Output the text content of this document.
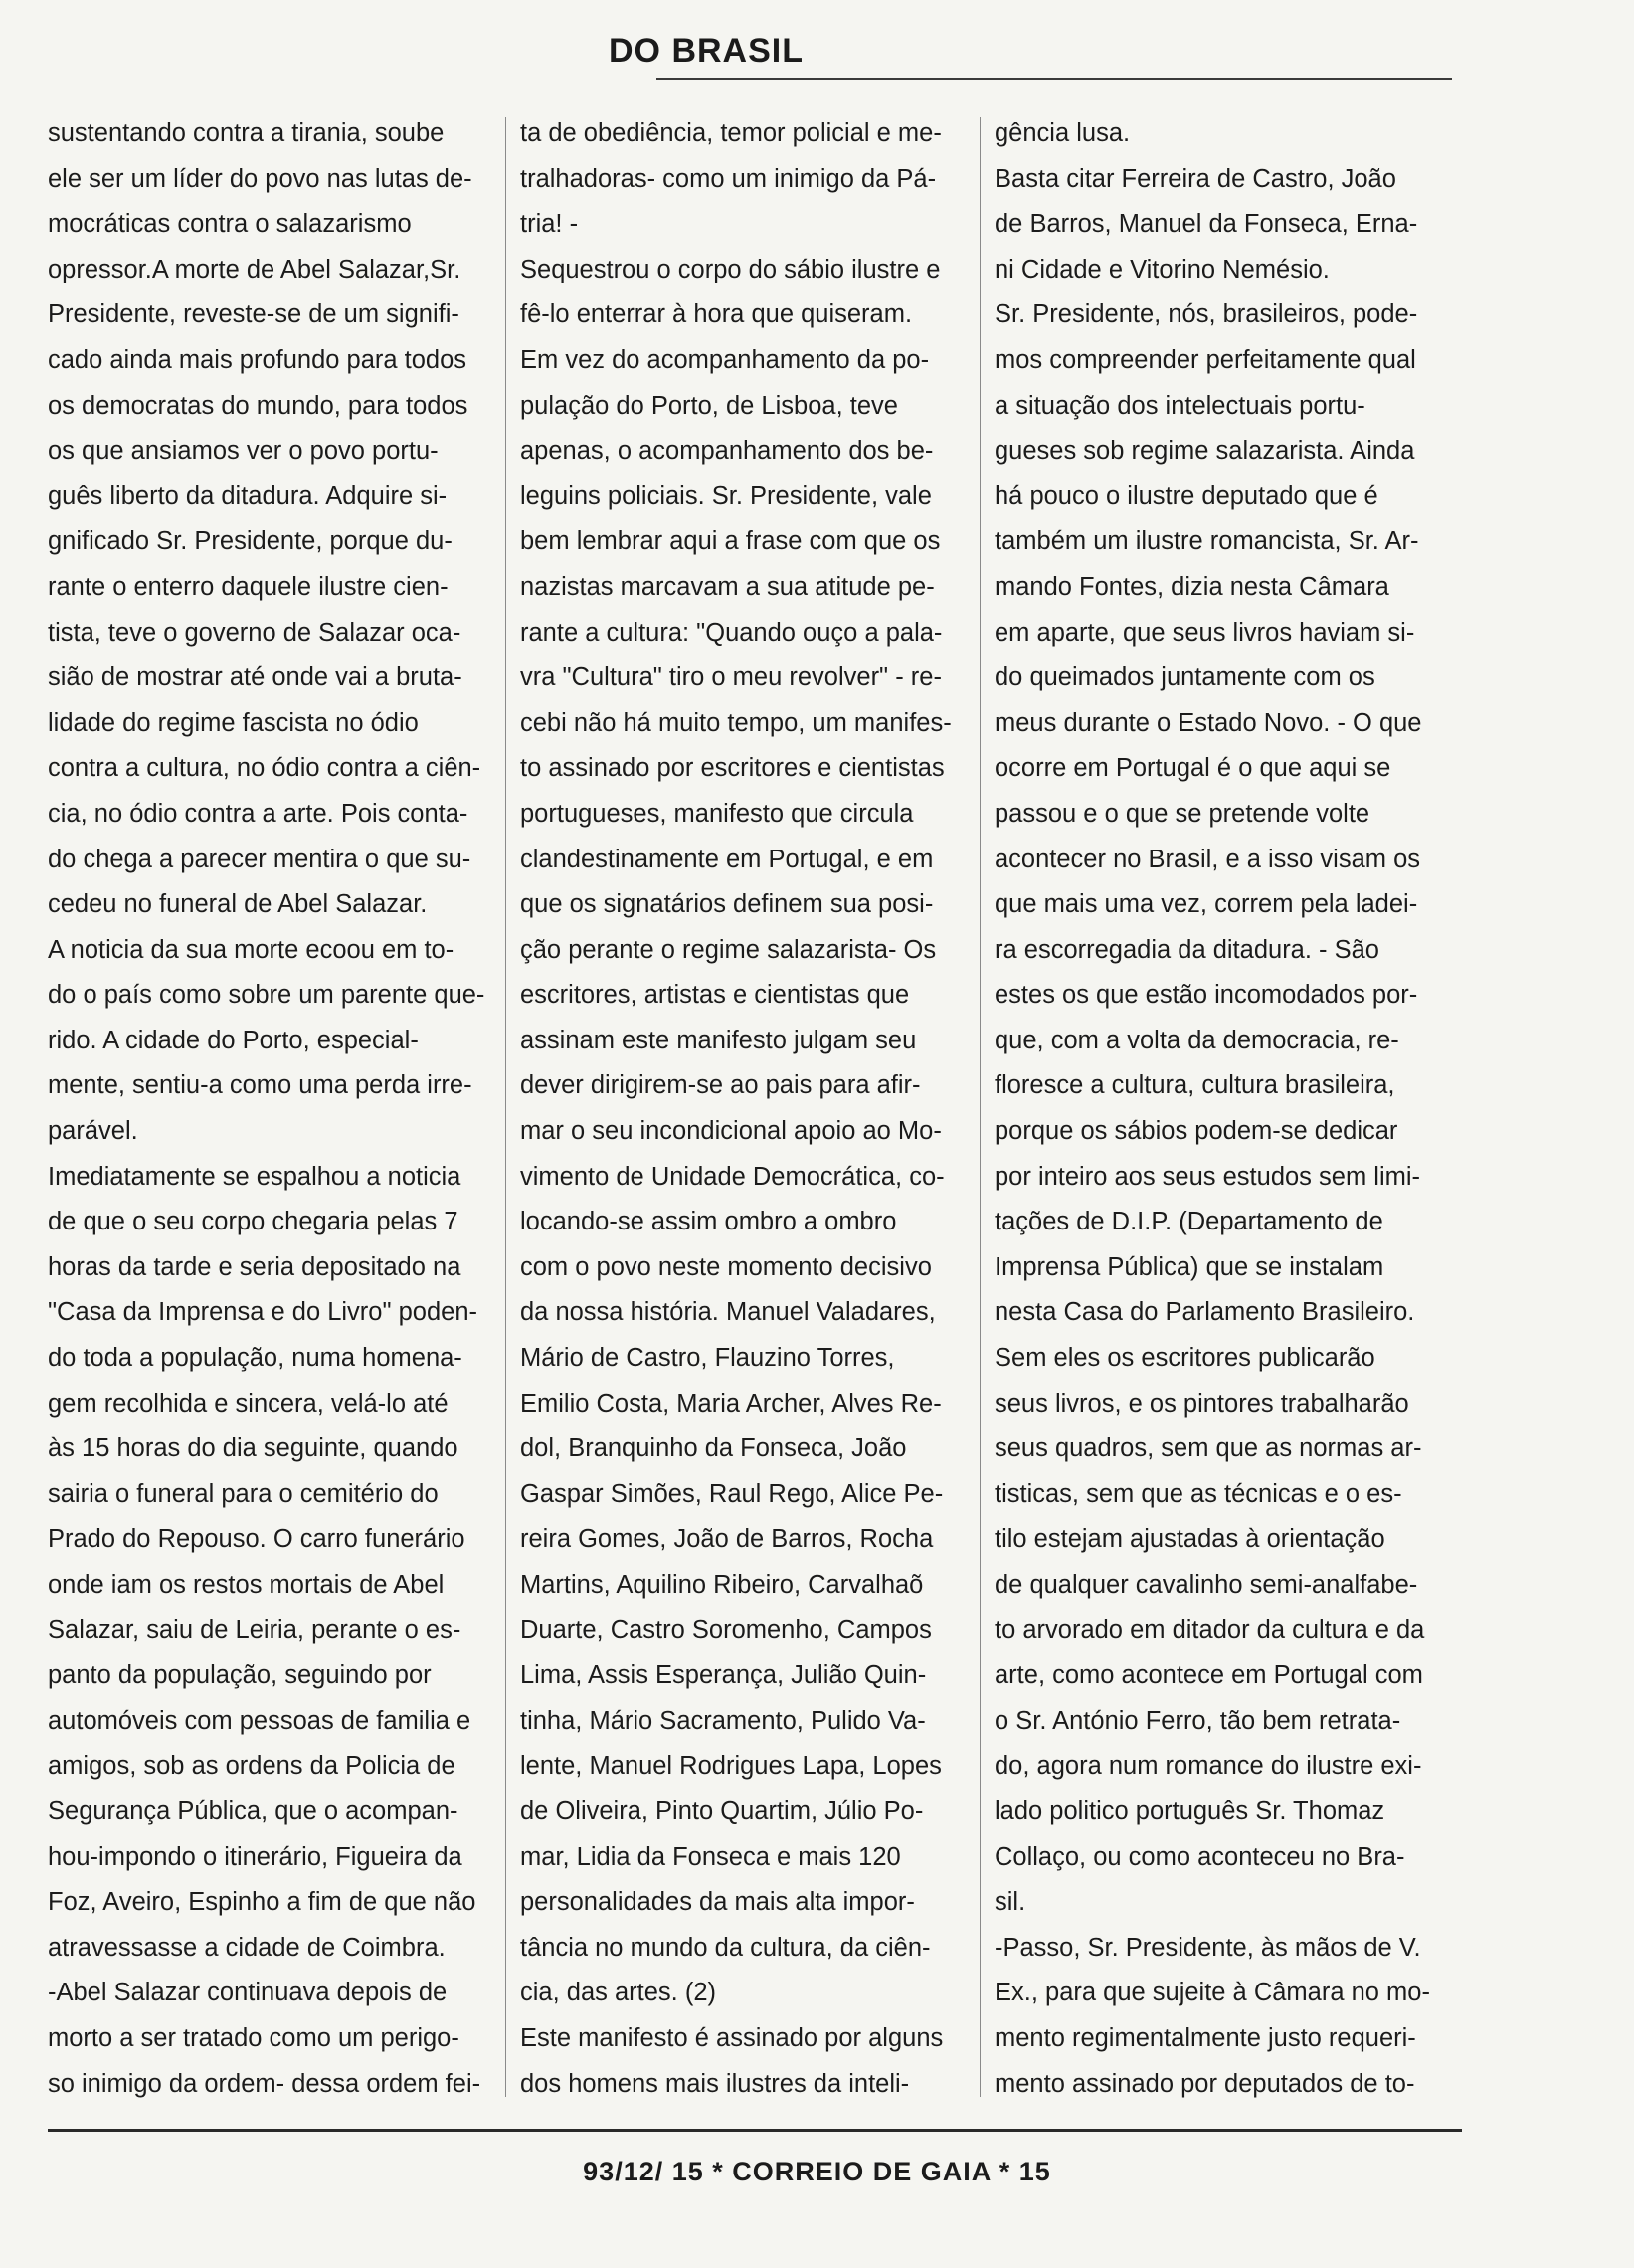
DO BRASIL

sustentando contra a tirania, soube
ele ser um líder do povo nas lutas de-
mocráticas contra o salazarismo
opressor.A morte de Abel Salazar,Sr.
Presidente, reveste-se de um signifi-
cado ainda mais profundo para todos
os democratas do mundo, para todos
os que ansiamos ver o povo portu-
guês liberto da ditadura. Adquire si-
gnificado Sr. Presidente, porque du-
rante o enterro daquele ilustre cien-
tista, teve o governo de Salazar oca-
sião de mostrar até onde vai a bruta-
lidade do regime fascista no ódio
contra a cultura, no ódio contra a ciên-
cia, no ódio contra a arte. Pois conta-
do chega a parecer mentira o que su-
cedeu no funeral de Abel Salazar.

A noticia da sua morte ecoou em to-
do o país como sobre um parente que-
rido. A cidade do Porto, especial-
mente, sentiu-a como uma perda irre-
parável.

Imediatamente se espalhou a noticia
de que o seu corpo chegaria pelas 7
horas da tarde e seria depositado na
"Casa da Imprensa e do Livro" poden-
do toda a população, numa homena-
gem recolhida e sincera, velá-lo até
às 15 horas do dia seguinte, quando
sairia o funeral para o cemitério do
Prado do Repouso. O carro funerário
onde iam os restos mortais de Abel
Salazar, saiu de Leiria, perante o es-
panto da população, seguindo por
automóveis com pessoas de familia e
amigos, sob as ordens da Policia de
Segurança Pública, que o acompan-
hou-impondo o itinerário, Figueira da
Foz, Aveiro, Espinho a fim de que não
atravessasse a cidade de Coimbra.

-Abel Salazar continuava depois de
morto a ser tratado como um perigo-
so inimigo da ordem- dessa ordem fei-

ta de obediência, temor policial e me-
tralhadoras- como um inimigo da Pá-
tria! -

Sequestrou o corpo do sábio ilustre e
fê-lo enterrar à hora que quiseram.
Em vez do acompanhamento da po-
pulação do Porto, de Lisboa, teve
apenas, o acompanhamento dos be-
leguins policiais. Sr. Presidente, vale
bem lembrar aqui a frase com que os
nazistas marcavam a sua atitude pe-
rante a cultura: "Quando ouço a pala-
vra "Cultura" tiro o meu revolver" - re-
cebi não há muito tempo, um manifes-
to assinado por escritores e cientistas
portugueses, manifesto que circula
clandestinamente em Portugal, e em
que os signatários definem sua posi-
ção perante o regime salazarista- Os
escritores, artistas e cientistas que
assinam este manifesto julgam seu
dever dirigirem-se ao pais para afir-
mar o seu incondicional apoio ao Mo-
vimento de Unidade Democrática, co-
locando-se assim ombro a ombro
com o povo neste momento decisivo
da nossa história. Manuel Valadares,
Mário de Castro, Flauzino Torres,
Emilio Costa, Maria Archer, Alves Re-
dol, Branquinho da Fonseca, João
Gaspar Simões, Raul Rego, Alice Pe-
reira Gomes, João de Barros, Rocha
Martins, Aquilino Ribeiro, Carvalhaõ
Duarte, Castro Soromenho, Campos
Lima, Assis Esperança, Julião Quin-
tinha, Mário Sacramento, Pulido Va-
lente, Manuel Rodrigues Lapa, Lopes
de Oliveira, Pinto Quartim, Júlio Po-
mar, Lidia da Fonseca e mais 120
personalidades da mais alta impor-
tância no mundo da cultura, da ciên-
cia, das artes. (2)

Este manifesto é assinado por alguns
dos homens mais ilustres da inteli-

gência lusa.

Basta citar Ferreira de Castro, João
de Barros, Manuel da Fonseca, Erna-
ni Cidade e Vitorino Nemésio.

Sr. Presidente, nós, brasileiros, pode-
mos compreender perfeitamente qual
a situação dos intelectuais portu-
gueses sob regime salazarista. Ainda
há pouco o ilustre deputado que é
também um ilustre romancista, Sr. Ar-
mando Fontes, dizia nesta Câmara
em aparte, que seus livros haviam si-
do queimados juntamente com os
meus durante o Estado Novo. - O que
ocorre em Portugal é o que aqui se
passou e o que se pretende volte
acontecer no Brasil, e a isso visam os
que mais uma vez, correm pela ladei-
ra escorregadia da ditadura. - São
estes os que estão incomodados por-
que, com a volta da democracia, re-
floresce a cultura, cultura brasileira,
porque os sábios podem-se dedicar
por inteiro aos seus estudos sem limi-
tações de D.I.P. (Departamento de
Imprensa Pública) que se instalam
nesta Casa do Parlamento Brasileiro.
Sem eles os escritores publicarão
seus livros, e os pintores trabalharão
seus quadros, sem que as normas ar-
tisticas, sem que as técnicas e o es-
tilo estejam ajustadas à orientação
de qualquer cavalinho semi-analfabe-
to arvorado em ditador da cultura e da
arte, como acontece em Portugal com
o Sr. António Ferro, tão bem retrata-
do, agora num romance do ilustre exi-
lado politico português Sr. Thomaz
Collaço, ou como aconteceu no Bra-
sil.

-Passo, Sr. Presidente, às mãos de V.
Ex., para que sujeite à Câmara no mo-
mento regimentalmente justo requeri-
mento assinado por deputados de to-

93/12/ 15 * CORREIO DE GAIA * 15
